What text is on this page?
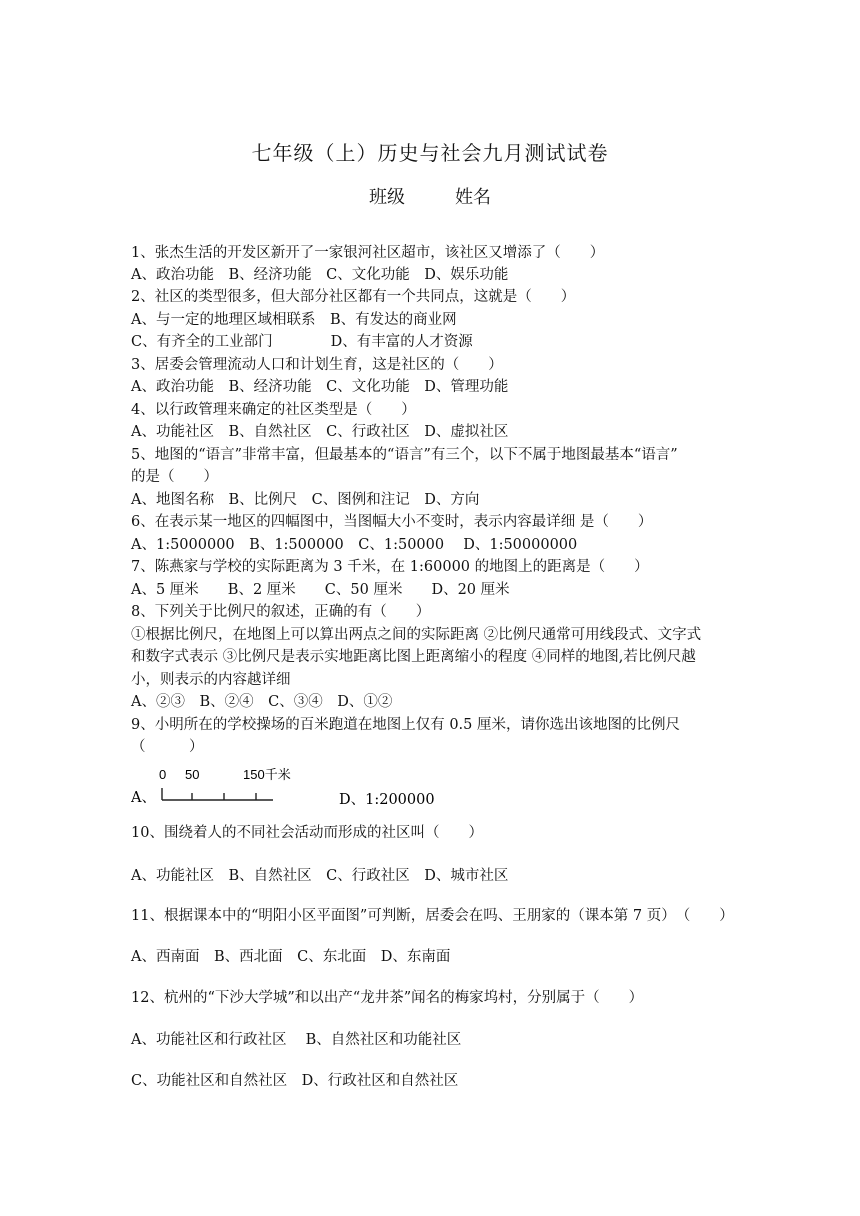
七年级（上）历史与社会九月测试试卷
班级	姓名
1、张杰生活的开发区新开了一家银河社区超市，该社区又增添了（　　）
A、政治功能　B、经济功能　C、文化功能　D、娱乐功能
2、社区的类型很多，但大部分社区都有一个共同点，这就是（　　）
A、与一定的地理区域相联系　B、有发达的商业网
C、有齐全的工业部门　　　　D、有丰富的人才资源
3、居委会管理流动人口和计划生育，这是社区的（　　）
A、政治功能　B、经济功能　C、文化功能　D、管理功能
4、以行政管理来确定的社区类型是（　　）
A、功能社区　B、自然社区　C、行政社区　D、虚拟社区
5、地图的“语言”非常丰富，但最基本的“语言”有三个，以下不属于地图最基本“语言”
的是（　　）
A、地图名称　B、比例尺　C、图例和注记　D、方向
6、在表示某一地区的四幅图中，当图幅大小不变时，表示内容最详细 是（　　）
A、1:5000000　B、1:500000　C、1:50000　 D、1:50000000
7、陈燕家与学校的实际距离为 3 千米，在 1:60000 的地图上的距离是（　　）
A、5 厘米　　B、2 厘米　　C、50 厘米　　D、20 厘米
8、下列关于比例尺的叙述，正确的有（　　）
①根据比例尺，在地图上可以算出两点之间的实际距离 ②比例尺通常可用线段式、文字式
和数字式表示 ③比例尺是表示实地距离比图上距离缩小的程度 ④同样的地图,若比例尺越
小，则表示的内容越详细
A、②③　B、②④　C、③④　D、①②
9、小明所在的学校操场的百米跑道在地图上仅有 0.5 厘米，请你选出该地图的比例尺
（　　　）
A、
0 50	150千米
D、1:200000
10、围绕着人的不同社会活动而形成的社区叫（　　）
A、功能社区　B、自然社区　C、行政社区　D、城市社区
11、根据课本中的“明阳小区平面图”可判断，居委会在吗、王朋家的（课本第 7 页）　（　　）
A、西南面　B、西北面　C、东北面　D、东南面
12、杭州的“下沙大学城”和以出产“龙井茶”闻名的梅家坞村，分别属于（　　）
A、功能社区和行政社区　 B、自然社区和功能社区
C、功能社区和自然社区　D、行政社区和自然社区
